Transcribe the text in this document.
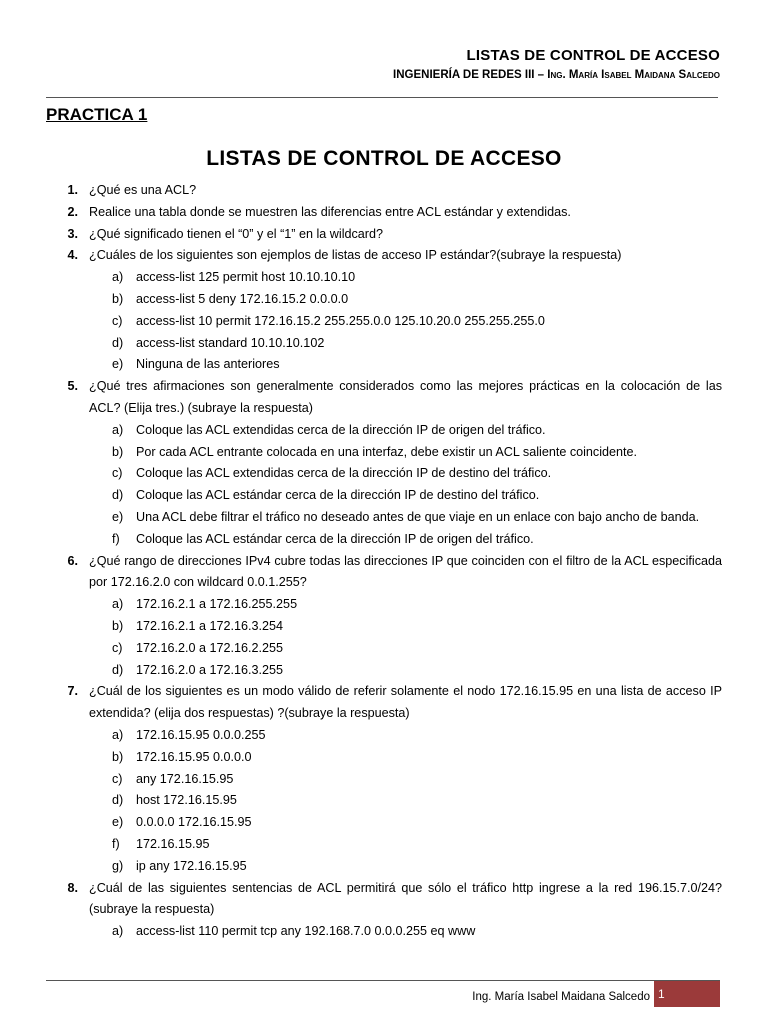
LISTAS DE CONTROL DE ACCESO
INGENIERÍA DE REDES III – Ing. María Isabel Maidana Salcedo
PRACTICA 1
LISTAS DE CONTROL DE ACCESO
1. ¿Qué es una ACL?
2. Realice una tabla donde se muestren las diferencias entre ACL estándar y extendidas.
3. ¿Qué significado tienen el “0” y el “1” en la wildcard?
4. ¿Cuáles de los siguientes son ejemplos de listas de acceso IP estándar?(subraye la respuesta)
a)	access-list 125 permit host 10.10.10.10
b)	access-list 5 deny 172.16.15.2 0.0.0.0
c)	access-list 10 permit 172.16.15.2 255.255.0.0 125.10.20.0 255.255.255.0
d)	access-list standard 10.10.10.102
e)	Ninguna de las anteriores
5. ¿Qué tres afirmaciones son generalmente considerados como las mejores prácticas en la colocación de las ACL? (Elija tres.) (subraye la respuesta)
a)	Coloque las ACL extendidas cerca de la dirección IP de origen del tráfico.
b)	Por cada ACL entrante colocada en una interfaz, debe existir un ACL saliente coincidente.
c)	Coloque las ACL extendidas cerca de la dirección IP de destino del tráfico.
d)	Coloque las ACL estándar cerca de la dirección IP de destino del tráfico.
e)	Una ACL debe filtrar el tráfico no deseado antes de que viaje en un enlace con bajo ancho de banda.
f)	Coloque las ACL estándar cerca de la dirección IP de origen del tráfico.
6. ¿Qué rango de direcciones IPv4 cubre todas las direcciones IP que coinciden con el filtro de la ACL especificada por 172.16.2.0 con wildcard 0.0.1.255?
a)	172.16.2.1 a 172.16.255.255
b)	172.16.2.1 a 172.16.3.254
c)	172.16.2.0 a 172.16.2.255
d)	172.16.2.0 a 172.16.3.255
7. ¿Cuál de los siguientes es un modo válido de referir solamente el nodo 172.16.15.95 en una lista de acceso IP extendida? (elija dos respuestas) ?(subraye la respuesta)
a)	172.16.15.95 0.0.0.255
b)	172.16.15.95 0.0.0.0
c)	any 172.16.15.95
d)	host 172.16.15.95
e)	0.0.0.0 172.16.15.95
f)	172.16.15.95
g)	ip any 172.16.15.95
8. ¿Cuál de las siguientes sentencias de ACL permitirá que sólo el tráfico http ingrese a la red 196.15.7.0/24? (subraye la respuesta)
a)	access-list 110 permit tcp any 192.168.7.0 0.0.0.255 eq www
Ing. María Isabel Maidana Salcedo 1
